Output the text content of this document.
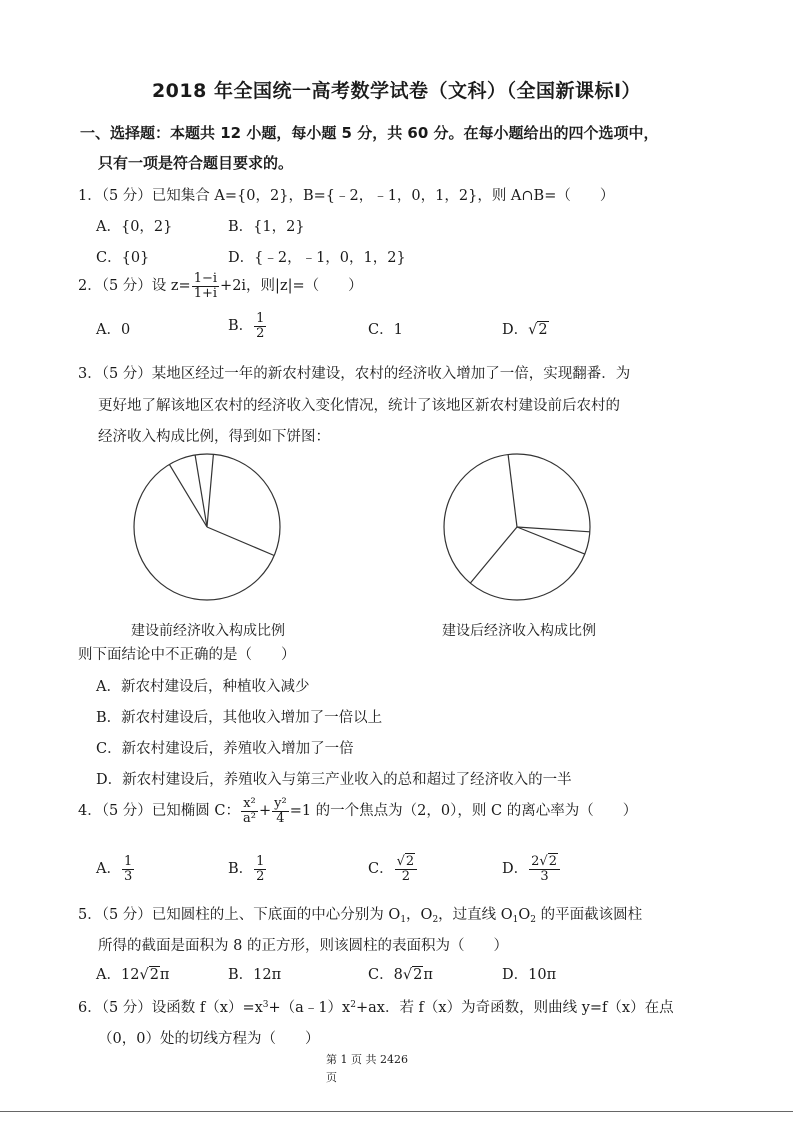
2018 年全国统一高考数学试卷（文科）（全国新课标Ⅰ）
一、选择题：本题共 12 小题，每小题 5 分，共 60 分。在每小题给出的四个选项中，
只有一项是符合题目要求的。
1．（5 分）已知集合 A={0，2}，B={﹣2，﹣1，0，1，2}，则 A∩B=（　　）
A．{0，2}	B．{1，2}
C．{0}	D．{﹣2，﹣1，0，1，2}
2．（5 分）设 $z= \frac{1-i}{1+i} +2i$，则|z|=（　　）
A．0	B． $\frac{1}{2}$	C．1	D．√2
3．（5 分）某地区经过一年的新农村建设，农村的经济收入增加了一倍，实现翻番．为
更好地了解该地区农村的经济收入变化情况，统计了该地区新农村建设前后农村的
经济收入构成比例，得到如下饼图：
建设前经济收入构成比例	建设后经济收入构成比例
则下面结论中不正确的是（　　）
A．新农村建设后，种植收入减少
B．新农村建设后，其他收入增加了一倍以上
C．新农村建设后，养殖收入增加了一倍
D．新农村建设后，养殖收入与第三产业收入的总和超过了经济收入的一半
4．（5 分）已知椭圆 C： $\frac{\text{x²}}{\text{a²}} + \frac{\text{y²}}{4} =1$ 的一个焦点为（2，0），则 C 的离心率为（　　）
A． $\frac{1}{3}$	B． $\frac{1}{2}$	C． $\frac{√2}{2}$	D． $\frac{2√2}{3}$
5．（5 分）已知圆柱的上、下底面的中心分别为 $O_1$，$O_2$，过直线 $O_1O_2$ 的平面截该圆柱
所得的截面是面积为 8 的正方形，则该圆柱的表面积为（　　）
A．12√2π	B．12π	C．8√2π	D．10π
6．（5 分）设函数 $f(x)=x^3+(a﹣1)x^2+ax$．若 f（x）为奇函数，则曲线 y=f（x）在点
（0，0）处的切线方程为（　　）
第 1 页 共 2426
页
